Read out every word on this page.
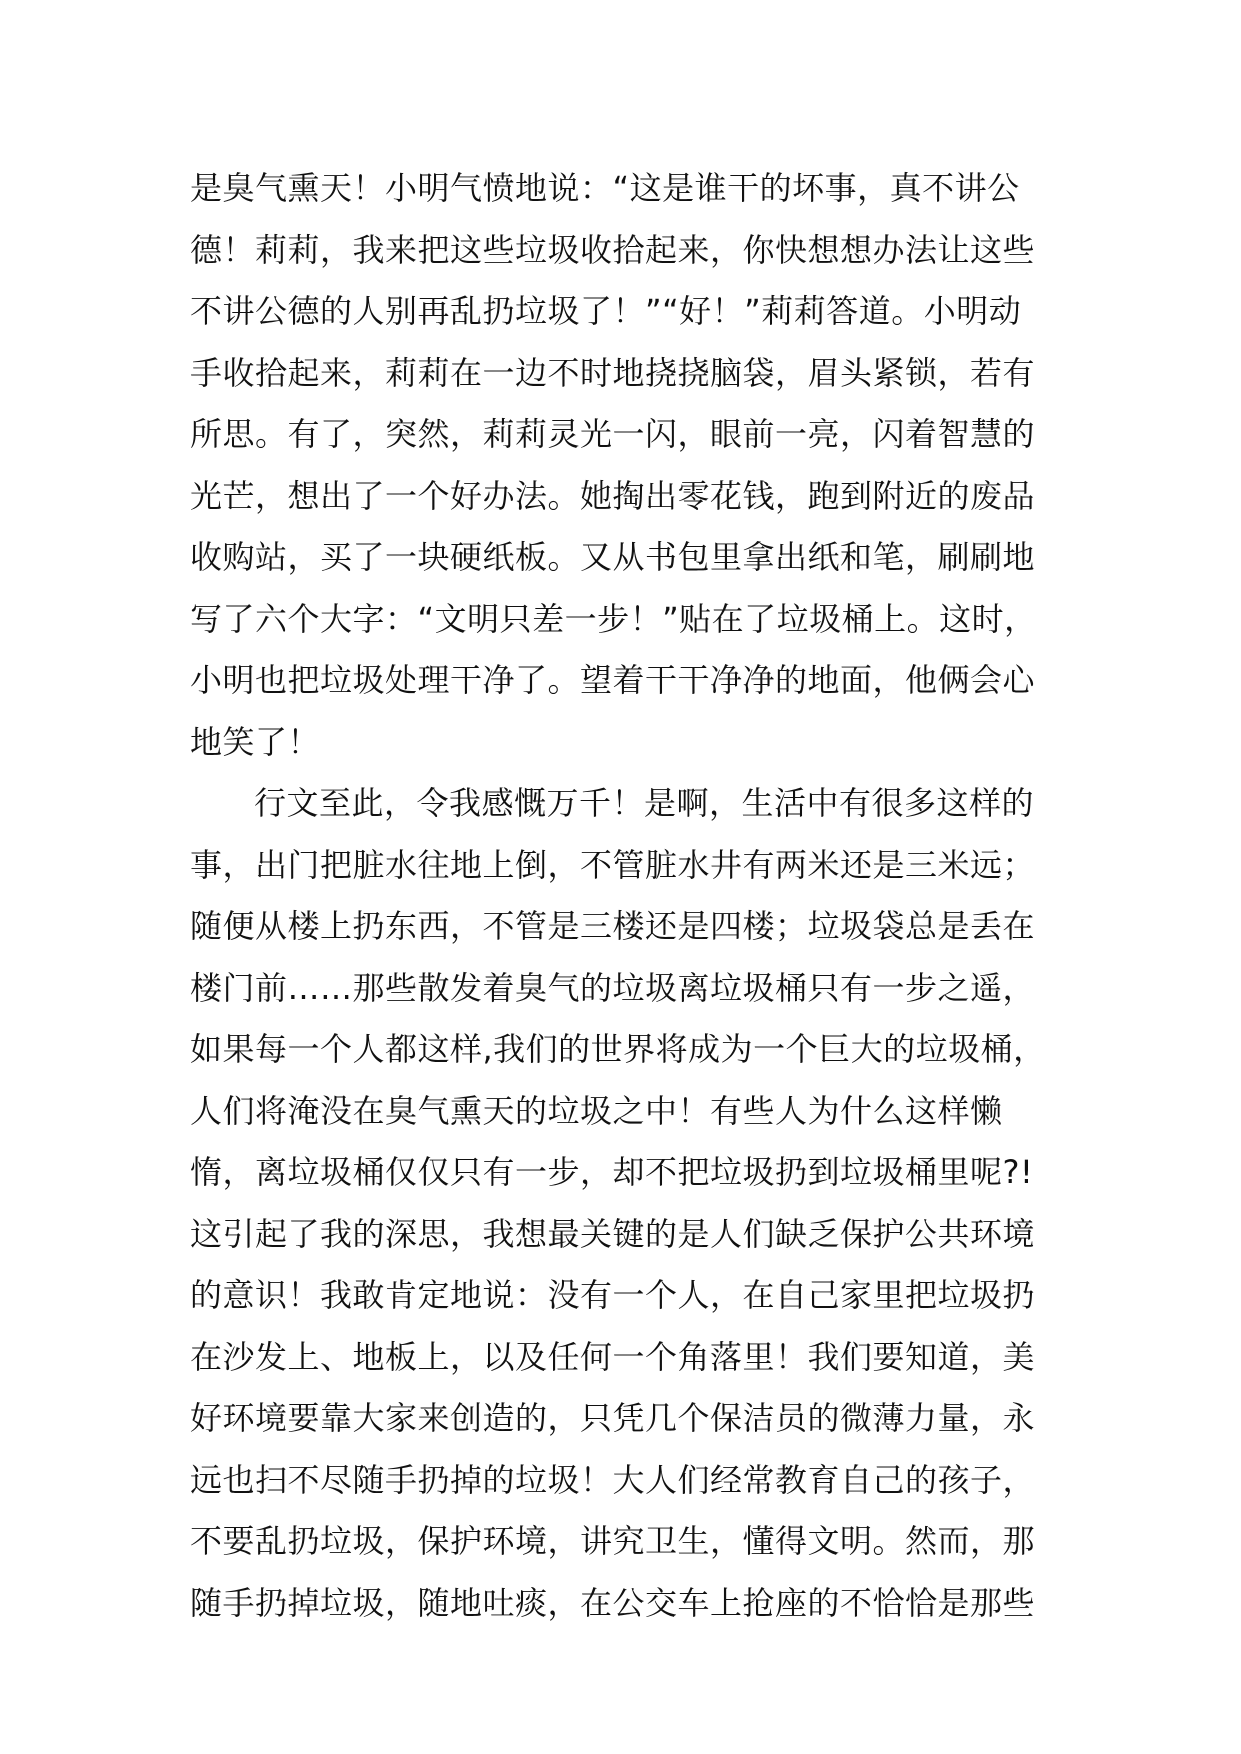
是臭气熏天！小明气愤地说：“这是谁干的坏事，真不讲公
德！莉莉，我来把这些垃圾收拾起来，你快想想办法让这些
不讲公德的人别再乱扔垃圾了！”“好！”莉莉答道。小明动
手收拾起来，莉莉在一边不时地挠挠脑袋，眉头紧锁，若有
所思。有了，突然，莉莉灵光一闪，眼前一亮，闪着智慧的
光芒，想出了一个好办法。她掏出零花钱，跑到附近的废品
收购站，买了一块硬纸板。又从书包里拿出纸和笔，刷刷地
写了六个大字：“文明只差一步！”贴在了垃圾桶上。这时，
小明也把垃圾处理干净了。望着干干净净的地面，他俩会心
地笑了！
行文至此，令我感慨万千！是啊，生活中有很多这样的
事，出门把脏水往地上倒，不管脏水井有两米还是三米远；
随便从楼上扔东西，不管是三楼还是四楼；垃圾袋总是丢在
楼门前……那些散发着臭气的垃圾离垃圾桶只有一步之遥，
如果每一个人都这样,我们的世界将成为一个巨大的垃圾桶，
人们将淹没在臭气熏天的垃圾之中！有些人为什么这样懒
惰，离垃圾桶仅仅只有一步，却不把垃圾扔到垃圾桶里呢?!
这引起了我的深思，我想最关键的是人们缺乏保护公共环境
的意识！我敢肯定地说：没有一个人，在自己家里把垃圾扔
在沙发上、地板上，以及任何一个角落里！我们要知道，美
好环境要靠大家来创造的，只凭几个保洁员的微薄力量，永
远也扫不尽随手扔掉的垃圾！大人们经常教育自己的孩子，
不要乱扔垃圾，保护环境，讲究卫生，懂得文明。然而，那
随手扔掉垃圾，随地吐痰，在公交车上抢座的不恰恰是那些
